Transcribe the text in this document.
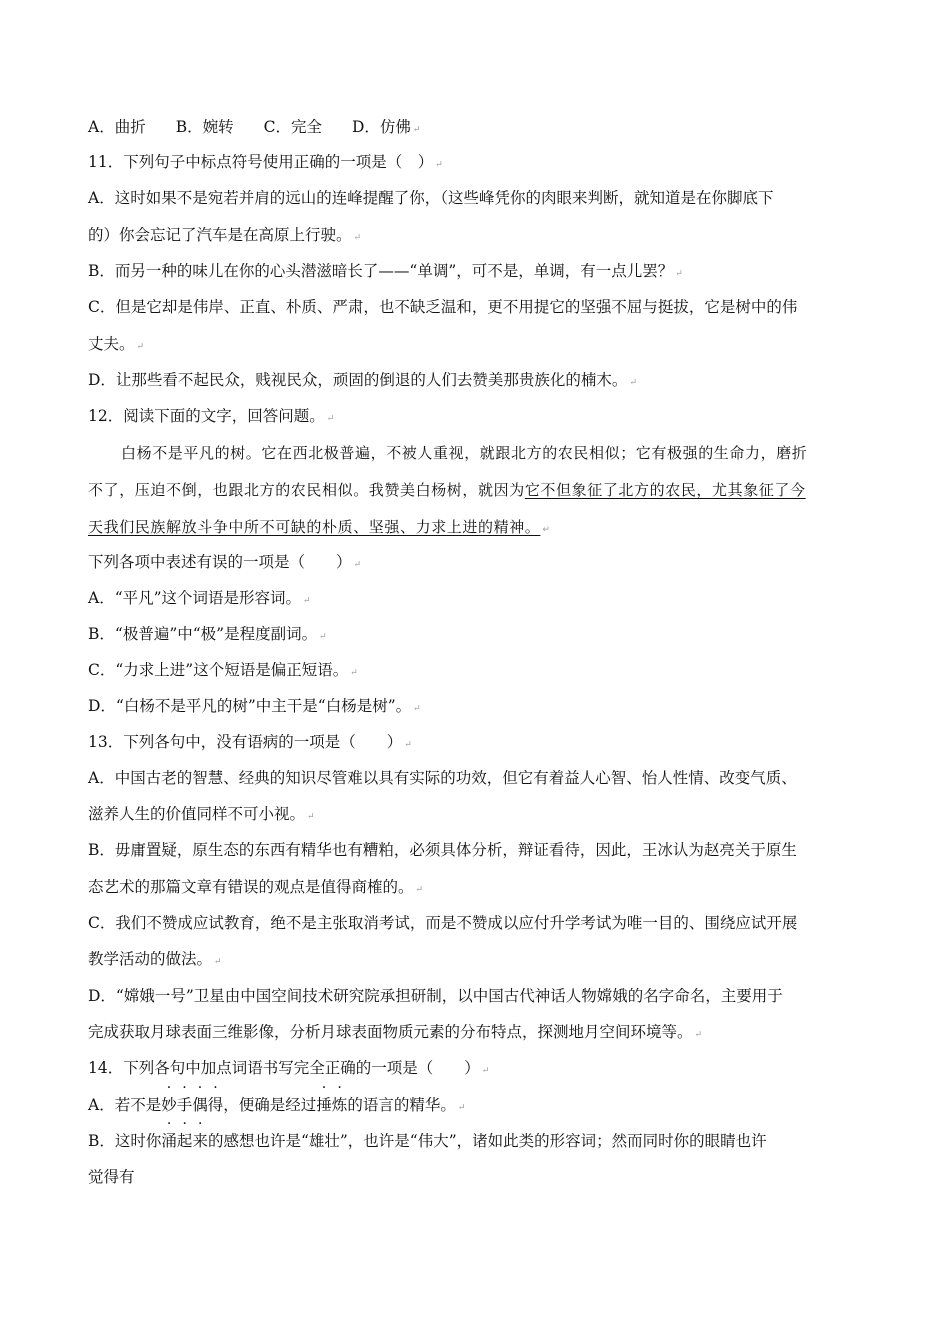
A．曲折 B．婉转 C．完全 D．仿佛 ↵
11．下列句子中标点符号使用正确的一项是（　） ↵
A．这时如果不是宛若并肩的远山的连峰提醒了你，（这些峰凭你的肉眼来判断，就知道是在你脚底下
的）你会忘记了汽车是在高原上行驶。 ↵
B．而另一种的味儿在你的心头潜滋暗长了——“单调”，可不是，单调，有一点儿罢？ ↵
C．但是它却是伟岸、正直、朴质、严肃，也不缺乏温和，更不用提它的坚强不屈与挺拔，它是树中的伟
丈夫。 ↵
D．让那些看不起民众，贱视民众，顽固的倒退的人们去赞美那贵族化的楠木。 ↵
12．阅读下面的文字，回答问题。 ↵
白杨不是平凡的树。它在西北极普遍，不被人重视，就跟北方的农民相似；它有极强的生命力，磨折
不了，压迫不倒，也跟北方的农民相似。我赞美白杨树，就因为它不但象征了北方的农民，尤其象征了今
天我们民族解放斗争中所不可缺的朴质、坚强、力求上进的精神。 ↵
下列各项中表述有误的一项是（　　） ↵
A．“平凡”这个词语是形容词。 ↵
B．“极普遍”中“极”是程度副词。 ↵
C．“力求上进”这个短语是偏正短语。 ↵
D．“白杨不是平凡的树”中主干是“白杨是树”。 ↵
13．下列各句中，没有语病的一项是（　　） ↵
A．中国古老的智慧、经典的知识尽管难以具有实际的功效，但它有着益人心智、怡人性情、改变气质、
滋养人生的价值同样不可小视。 ↵
B．毋庸置疑，原生态的东西有精华也有糟粕，必须具体分析，辩证看待，因此，王冰认为赵亮关于原生
态艺术的那篇文章有错误的观点是值得商榷的。 ↵
C．我们不赞成应试教育，绝不是主张取消考试，而是不赞成以应付升学考试为唯一目的、围绕应试开展
教学活动的做法。 ↵
D．“嫦娥一号”卫星由中国空间技术研究院承担研制，以中国古代神话人物嫦娥的名字命名，主要用于
完成获取月球表面三维影像，分析月球表面物质元素的分布特点，探测地月空间环境等。 ↵
14．下列各句中加点词语书写完全正确的一项是（　　） ↵
A．若不是妙手偶得，便确是经过捶炼的语言的精华。 ↵
B．这时你涌起来的感想也许是“雄壮”，也许是“伟大”，诸如此类的形容词；然而同时你的眼睛也许
觉得有
